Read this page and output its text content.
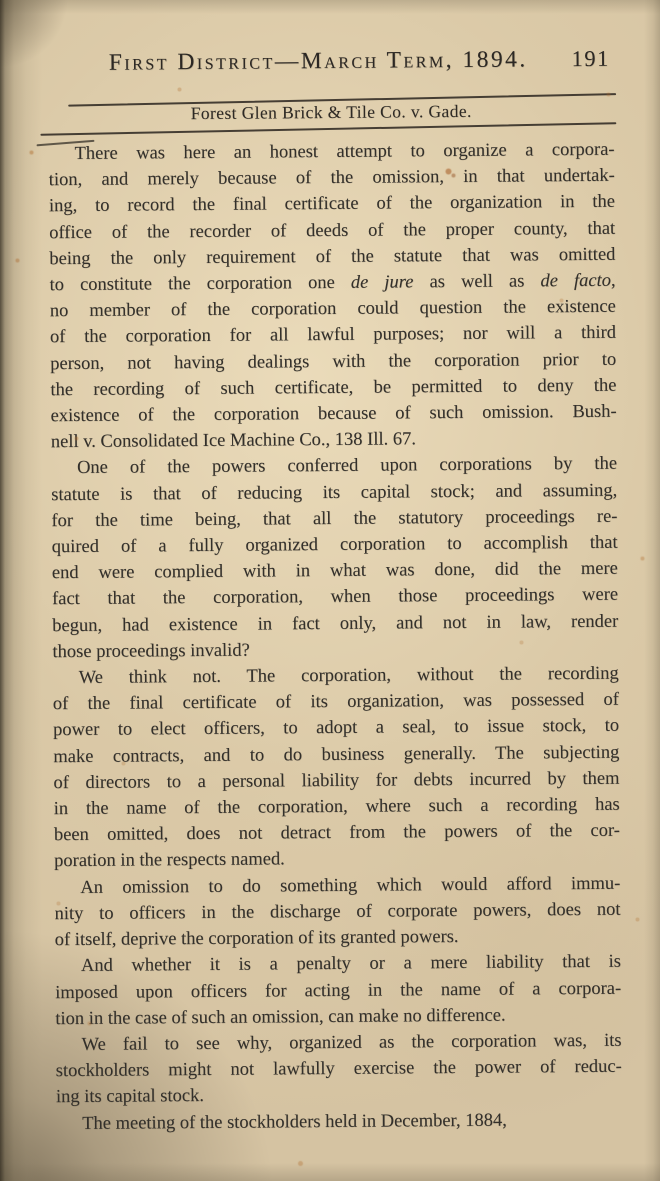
First District—March Term, 1894. 191
Forest Glen Brick & Tile Co. v. Gade.
There was here an honest attempt to organize a corpora-
tion, and merely because of the omission, in that undertak-
ing, to record the final certificate of the organization in the
office of the recorder of deeds of the proper county, that
being the only requirement of the statute that was omitted
to constitute the corporation one de jure as well as de facto,
no member of the corporation could question the existence
of the corporation for all lawful purposes; nor will a third
person, not having dealings with the corporation prior to
the recording of such certificate, be permitted to deny the
existence of the corporation because of such omission. Bush-
nell v. Consolidated Ice Machine Co., 138 Ill. 67.
One of the powers conferred upon corporations by the
statute is that of reducing its capital stock; and assuming,
for the time being, that all the statutory proceedings re-
quired of a fully organized corporation to accomplish that
end were complied with in what was done, did the mere
fact that the corporation, when those proceedings were
begun, had existence in fact only, and not in law, render
those proceedings invalid?
We think not. The corporation, without the recording
of the final certificate of its organization, was possessed of
power to elect officers, to adopt a seal, to issue stock, to
make contracts, and to do business generally. The subjecting
of directors to a personal liability for debts incurred by them
in the name of the corporation, where such a recording has
been omitted, does not detract from the powers of the cor-
poration in the respects named.
An omission to do something which would afford immu-
nity to officers in the discharge of corporate powers, does not
of itself, deprive the corporation of its granted powers.
And whether it is a penalty or a mere liability that is
imposed upon officers for acting in the name of a corpora-
tion in the case of such an omission, can make no difference.
We fail to see why, organized as the corporation was, its
stockholders might not lawfully exercise the power of reduc-
ing its capital stock.
The meeting of the stockholders held in December, 1884,
